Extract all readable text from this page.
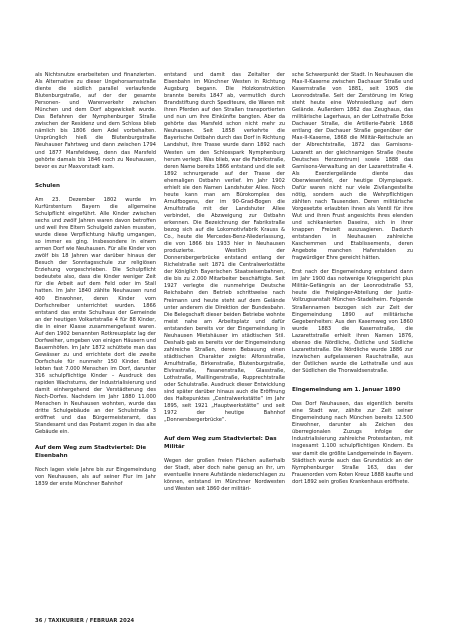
als Nichtsnutze erarbeiteten und finanzierten. Als Alternative zu dieser Ungehorsamsstraße diente die südlich parallel verlaufende Blutenburgstraße, auf der der gesamte Personen- und Warenverkehr zwischen München und dem Dorf abgewickelt wurde. Das Befahren der Nymphenburger Straße zwischen der Residenz und dem Schloss blieb nämlich bis 1806 dem Adel vorbehalten. Ursprünglich hieß die Blutenburgstraße Neuhauser Fahrtweg und dann zwischen 1794 und 1877 Marsfeldweg, denn das Marsfeld gehörte damals bis 1846 noch zu Neuhausen, bevor es zur Maxvorstadt kam.

Schulen

Am 23. Dezember 1802 wurde im Kurfürstentum Bayern die allgemeine Schulpflicht eingeführt. Alle Kinder zwischen sechs und zwölf Jahren waren davon betroffen und weil ihre Eltern Schulgeld zahlen mussten, wurde diese Verpflichtung häufig umgangen, so immer es ging. Insbesondere in einem armen Dorf wie Neuhausen. Für alle Kinder von zwölf bis 18 Jahren war darüber hinaus der Besuch der Sonntagsschule zur religiösen Erziehung vorgeschrieben. Die Schulpflicht bedeutete also, dass die Kinder weniger Zeit für die Arbeit auf dem Feld oder im Stall hatten. Im Jahr 1840 zählte Neuhausen rund 400 Einwohner, deren Kinder vom Dorfschreiber unterrichtet wurden. 1866 entstand das erste Schulhaus der Gemeinde an der heutigen Volkartstraße 4 für 88 Kinder, die in einer Klasse zusammengefasst waren. Auf den 1902 benannten Rotkreuzplatz lag der Dorfweiher, umgeben von einigen Häusern und Bauernhöfen. Im Jahr 1872 schüttete man das Gewässer zu und errichtete dort die zweite Dorfschule für nunmehr 150 Kinder. Bald lebten fast 7.000 Menschen im Dorf, darunter 316 schulpflichtige Kinder – Ausdruck des rapiden Wachstums, der Industrialisierung und damit einhergehend der Verstädterung des Noch-Dorfes. Nachdem im Jahr 1880 11.000 Menschen in Neuhausen wohnten, wurde das dritte Schulgebäude an der Schulstraße 3 eröffnet und das Bürgermeisteramt, das Standesamt und das Postamt zogen in das alte Gebäude ein.

Auf dem Weg zum Stadtviertel: Die Eisenbahn

Noch lagen viele Jahre bis zur Eingemeindung von Neuhausen, als auf seiner Flur im Jahr 1839 der erste Münchner Bahnhof

entstand und damit das Zeitalter der Eisenbahn im Münchner Westen in Richtung Augsburg begann. Die Holzkonstruktion brannte bereits 1847 ab, vermutlich durch Brandstiftung durch Spediteure, die Waren mit ihren Pferden auf den Straßen transportierten und nun um ihre Einkünfte bangten. Aber da gehörte das Marsfeld schon nicht mehr zu Neuhausen. Seit 1858 verkehrte die Bayerische Ostbahn durch das Dorf in Richtung Landshut, ihre Trasse wurde dann 1892 nach Westen um den Schlosspark Nymphenburg herum verlegt. Was blieb, war die Fabrikstraße, deren Name bereits 1866 entstand und die seit 1892 schnurgerade auf der Trasse der ehemaligen Ostbahn verlief. Im Jahr 1902 erhielt sie den Namen Landshuter Allee. Noch heute kann man am Bürokomplex des Arnulfbogens, der im 90-Grad-Bogen die Arnulfstraße mit der Landshuter Allee verbindet, die Abzweigung zur Ostbahn erkennen. Die Bezeichnung der Fabrikstraße bezog sich auf die Lokomotivfabrik Krauss & Co., heute die Mercedes-Benz-Niederlassung, die von 1866 bis 1933 hier in Neuhausen produzierte. Westlich der Donnersbergerbrücke entstand entlang der Richelstraße seit 1871 die Centralwerkstätte der Königlich Bayerischen Staatseisenbahnen, die bis zu 2.000 Mitarbeiter beschäftigte. Seit 1927 verlegte die nunmehrige Deutsche Reichsbahn den Betrieb schrittweise nach Freimann und heute steht auf dem Gelände unter anderem die Direktion der Bundesbahn. Die Belegschaft dieser beiden Betriebe wohnte meist nahe am Arbeitsplatz und dafür entstanden bereits vor der Eingemeindung in Neuhausen Mietshäuser im städtischen Stil. Deshalb gab es bereits vor der Eingemeindung zahlreiche Straßen, deren Bebauung einen städtischen Charakter zeigte: Alfonsstraße, Arnulfstraße, Birkenstraße, Blutenburgstraße, Elvirastraße, Fasanenstraße, Glasstraße, Lothstraße, Maillingerstraße, Rupprechtstraße oder Schulstraße. Ausdruck dieser Entwicklung sind später darüber hinaus auch die Eröffnung des Haltepunktes „Centralwerkstätte“ im Jahr 1895, seit 1921 „Hauptwerkstätte“ und seit 1972 der heutige Bahnhof „Donnersbergerbrücke“.

Auf dem Weg zum Stadtviertel: Das Militär

Wegen der großen freien Flächen außerhalb der Stadt, aber doch nahe genug an ihr, um eventuelle innere Aufstände niederschlagen zu können, entstand im Münchner Nordwesten und Westen seit 1860 der militäri-

sche Schwerpunkt der Stadt. In Neuhausen die Max-II-Kaserne zwischen Dachauer Straße und Kasernstraße von 1881, seit 1905 die Leonrodstraße. Seit der Zerstörung im Krieg steht heute eine Wohnsiedlung auf dem Gelände. Außerdem 1862 das Zeughaus, das militärische Lagerhaus, an der Lothstraße Ecke Dachauer Straße, die Artillerie-Fabrik 1868 entlang der Dachauer Straße gegenüber der Max-II-Kaserne, 1868 die Militär-Reitschule an der Albrechtstraße, 1872 das Garnisons-Lazarett an der gleichnamigen Straße (heute Deutsches Herzzentrum) sowie 1888 das Garnisons-Verwaltung an der Lazarettstraße 4. Als Exerziergelände diente das Oberwiesenfeld, der heutige Olympiapark. Dafür waren nicht nur viele Zivilangestellte nötig, sondern auch die Wehrpflichtigen zählten nach Tausenden. Deren militärische Vorgesetzte erlaubten ihnen als Ventil für ihre Wut und ihren Frust angesichts ihres elenden und schikanierten Daseins, sich in ihrer knappen Freizeit auszuagieren. Dadurch entstanden in Neuhausen zahlreiche Kaschemmen und Etablissements, deren Angebote manchen Haferstalden zu fragwürdiger Ehre gereicht hätten.

Erst nach der Eingemeindung entstand dann im Jahr 1900 das notwenige Kriegsgericht plus Militär-Gefängnis an der Leonrodstraße 53, heute die Freigänger-Abteilung der Justiz-Vollzugsanstalt München-Stadelheim. Folgende Straßennamen bezogen sich zur Zeit der Eingemeindung 1890 auf militärische Gegebenheiten: Aus den Kasernweg von 1860 wurde 1883 die Kasernstraße, die Lazarettstraße erhielt ihren Namen 1876, ebenso die Nördliche, Östliche und Südliche Lazarettstraße. Die Nördliche wurde 1886 zur inzwischen aufgelassenen Rauchstraße, aus der Östlichen wurde die Lothstraße und aus der Südlichen die Thorwaldsenstraße.

Eingemeindung am 1. Januar 1890

Das Dorf Neuhausen, das eigentlich bereits eine Stadt war, zählte zur Zeit seiner Eingemeindung nach München bereits 12.500 Einwohner, darunter als Zeichen des überregionalen Zuzugs infolge der Industrialisierung zahlreiche Protestanten, mit insgesamt 1.100 schulpflichtigen Kindern. Es war damit die größte Landgemeinde in Bayern. Städtisch wurde auch das Grundstück an der Nymphenburger Straße 163, das der Frauenorden vom Roten Kreuz 1888 kaufte und dort 1892 sein großes Krankenhaus eröffnete.

36 / TAXIKURIER / FEBRUAR 2024
